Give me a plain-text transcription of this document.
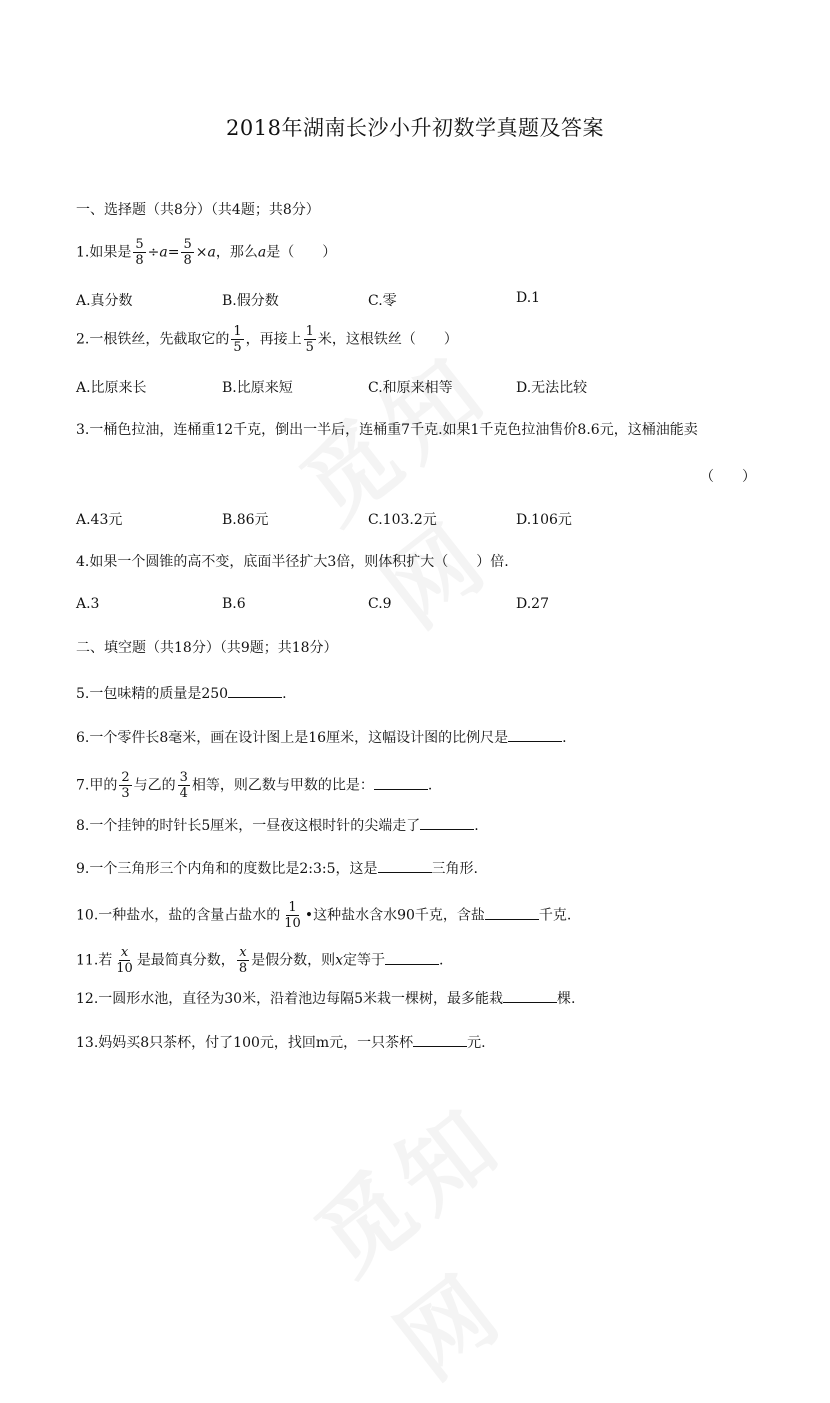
2018年湖南长沙小升初数学真题及答案
一、选择题（共8分）（共4题；共8分）
1.如果是 $\frac{5}{8} \div a= \frac{5}{8} \times a$，那么a是（　　）
A.真分数	B.假分数	C.零	D.1
2.一根铁丝，先截取它的 $\frac{1}{5}$ ，再接上 $\frac{1}{5}$ 米，这根铁丝（　　）
A.比原来长	B.比原来短	C.和原来相等	D.无法比较
3.一桶色拉油，连桶重12千克，倒出一半后，连桶重7千克.如果1千克色拉油售价8.6元，这桶油能卖
（　　）
A.43元	B.86元	C.103.2元	D.106元
4.如果一个圆锥的高不变，底面半径扩大3倍，则体积扩大（　　）倍.
A.3	B.6	C.9	D.27
二、填空题（共18分）（共9题；共18分）
5.一包味精的质量是250	.
6.一个零件长8毫米，画在设计图上是16厘米，这幅设计图的比例尺是	.
7.甲的 $\frac{2}{3}$ 与乙的 $\frac{3}{4}$ 相等，则乙数与甲数的比是：	.
8.一个挂钟的时针长5厘米，一昼夜这根时针的尖端走了	.
9.一个三角形三个内角和的度数比是2:3:5，这是	三角形.
10.一种盐水，盐的含量占盐水的 $\frac{1}{10}$ •这种盐水含水90千克，含盐	千克.
11.若 $\frac{x}{10}$ 是最简真分数， $\frac{x}{8}$ 是假分数，则x定等于	.
12.一圆形水池，直径为30米，沿着池边每隔5米栽一棵树，最多能栽	棵.
13.妈妈买8只茶杯，付了100元，找回m元，一只茶杯	元.
